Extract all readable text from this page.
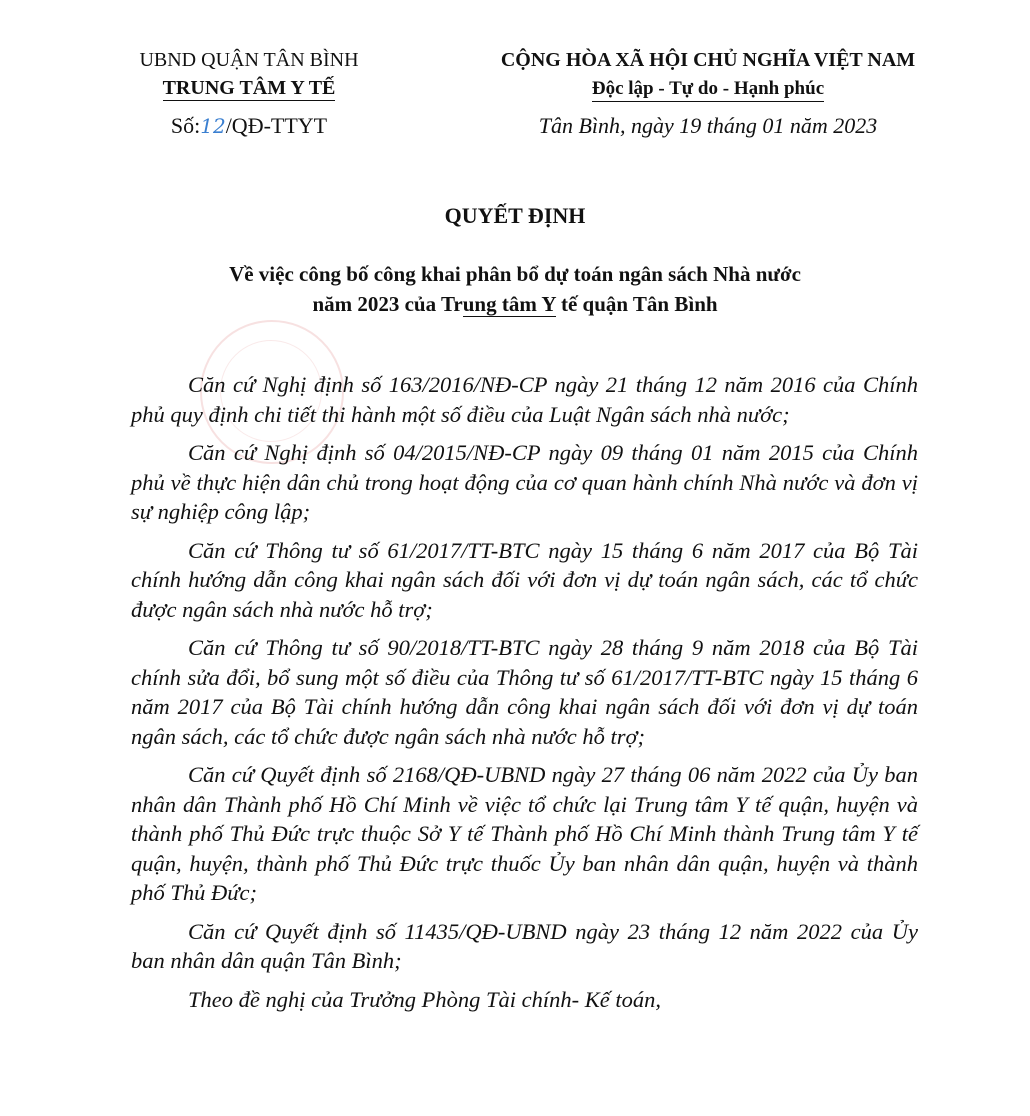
UBND QUẬN TÂN BÌNH
TRUNG TÂM Y TẾ
Số:12/QĐ-TTYT
CỘNG HÒA XÃ HỘI CHỦ NGHĨA VIỆT NAM
Độc lập - Tự do - Hạnh phúc
Tân Bình, ngày 19 tháng 01 năm 2023
QUYẾT ĐỊNH
Về việc công bố công khai phân bổ dự toán ngân sách Nhà nước
năm 2023 của Trung tâm Y tế quận Tân Bình

Căn cứ Nghị định số 163/2016/NĐ-CP ngày 21 tháng 12 năm 2016 của Chính phủ quy định chi tiết thi hành một số điều của Luật Ngân sách nhà nước;

Căn cứ Nghị định số 04/2015/NĐ-CP ngày 09 tháng 01 năm 2015 của Chính phủ về thực hiện dân chủ trong hoạt động của cơ quan hành chính Nhà nước và đơn vị sự nghiệp công lập;

Căn cứ Thông tư số 61/2017/TT-BTC ngày 15 tháng 6 năm 2017 của Bộ Tài chính hướng dẫn công khai ngân sách đối với đơn vị dự toán ngân sách, các tổ chức được ngân sách nhà nước hỗ trợ;

Căn cứ Thông tư số 90/2018/TT-BTC ngày 28 tháng 9 năm 2018 của Bộ Tài chính sửa đổi, bổ sung một số điều của Thông tư số 61/2017/TT-BTC ngày 15 tháng 6 năm 2017 của Bộ Tài chính hướng dẫn công khai ngân sách đối với đơn vị dự toán ngân sách, các tổ chức được ngân sách nhà nước hỗ trợ;

Căn cứ Quyết định số 2168/QĐ-UBND ngày 27 tháng 06 năm 2022 của Ủy ban nhân dân Thành phố Hồ Chí Minh về việc tổ chức lại Trung tâm Y tế quận, huyện và thành phố Thủ Đức trực thuộc Sở Y tế Thành phố Hồ Chí Minh thành Trung tâm Y tế quận, huyện, thành phố Thủ Đức trực thuốc Ủy ban nhân dân quận, huyện và thành phố Thủ Đức;

Căn cứ Quyết định số 11435/QĐ-UBND ngày 23 tháng 12 năm 2022 của Ủy ban nhân dân quận Tân Bình;

Theo đề nghị của Trưởng Phòng Tài chính- Kế toán,
